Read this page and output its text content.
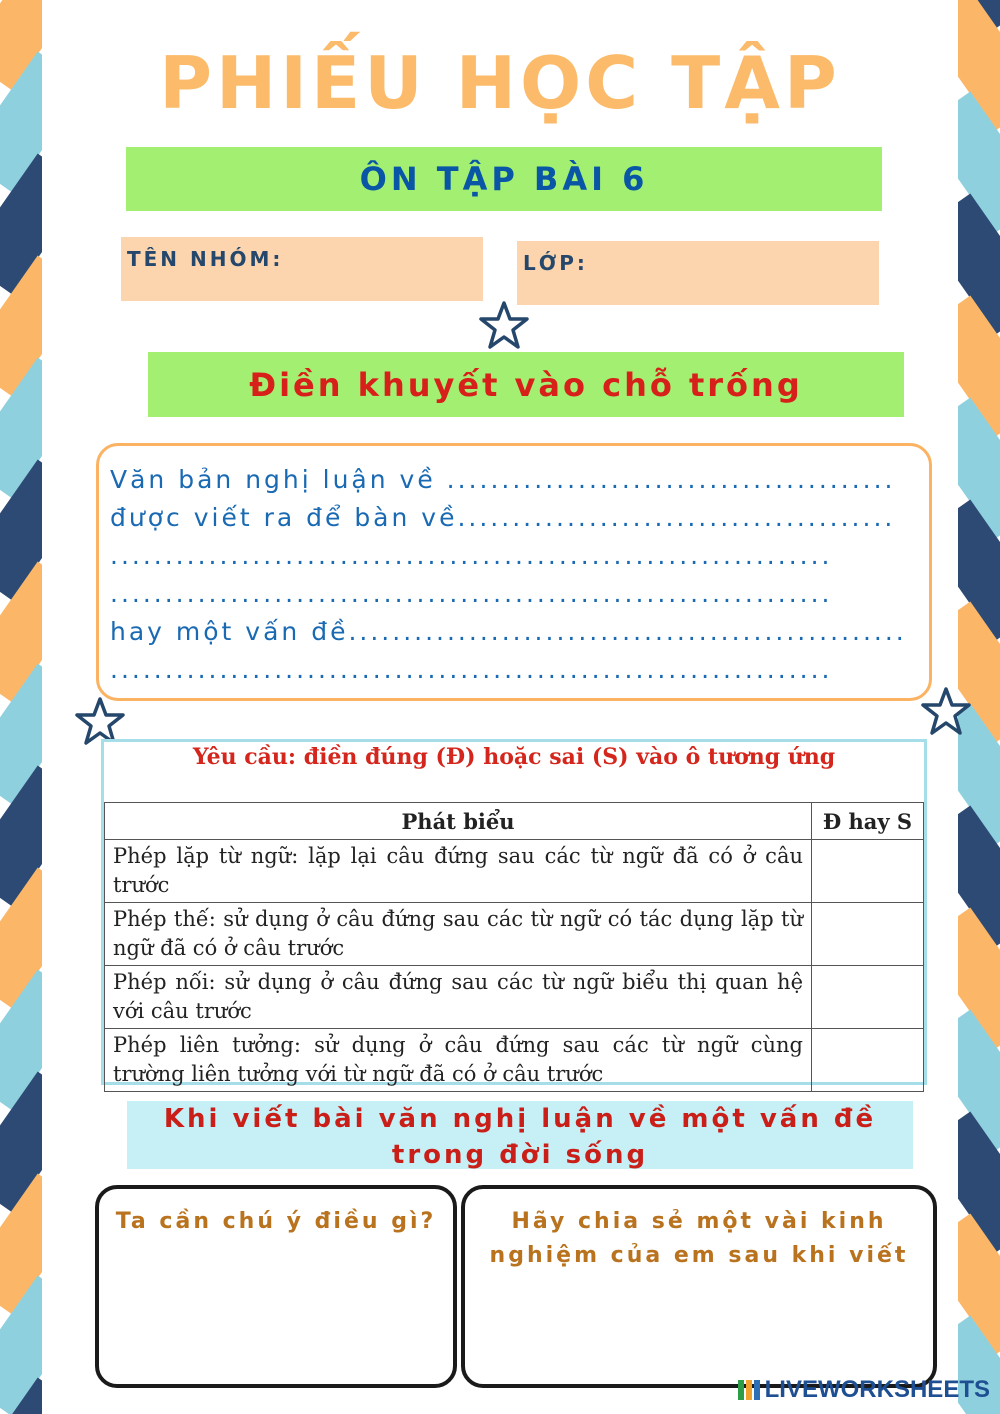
PHIẾU HỌC TẬP
ÔN TẬP BÀI 6
TÊN NHÓM:	LỚP:
Điền khuyết vào chỗ trống
Văn bản nghị luận về .........................................
được viết ra để bàn về........................................
..................................................................
..................................................................
hay một vấn đề...................................................
..................................................................
Yêu cầu: điền đúng (Đ) hoặc sai (S) vào ô tương ứng
Phát biểu	Đ hay S
Phép lặp từ ngữ: lặp lại câu đứng sau các từ ngữ đã có ở câu trước	
Phép thế: sử dụng ở câu đứng sau các từ ngữ có tác dụng lặp từ ngữ đã có ở câu trước	
Phép nối: sử dụng ở câu đứng sau các từ ngữ biểu thị quan hệ với câu trước	
Phép liên tưởng: sử dụng ở câu đứng sau các từ ngữ cùng trường liên tưởng với từ ngữ đã có ở câu trước	
Khi viết bài văn nghị luận về một vấn đề trong đời sống
Ta cần chú ý điều gì?	Hãy chia sẻ một vài kinh nghiệm của em sau khi viết
LIVEWORKSHEETS
